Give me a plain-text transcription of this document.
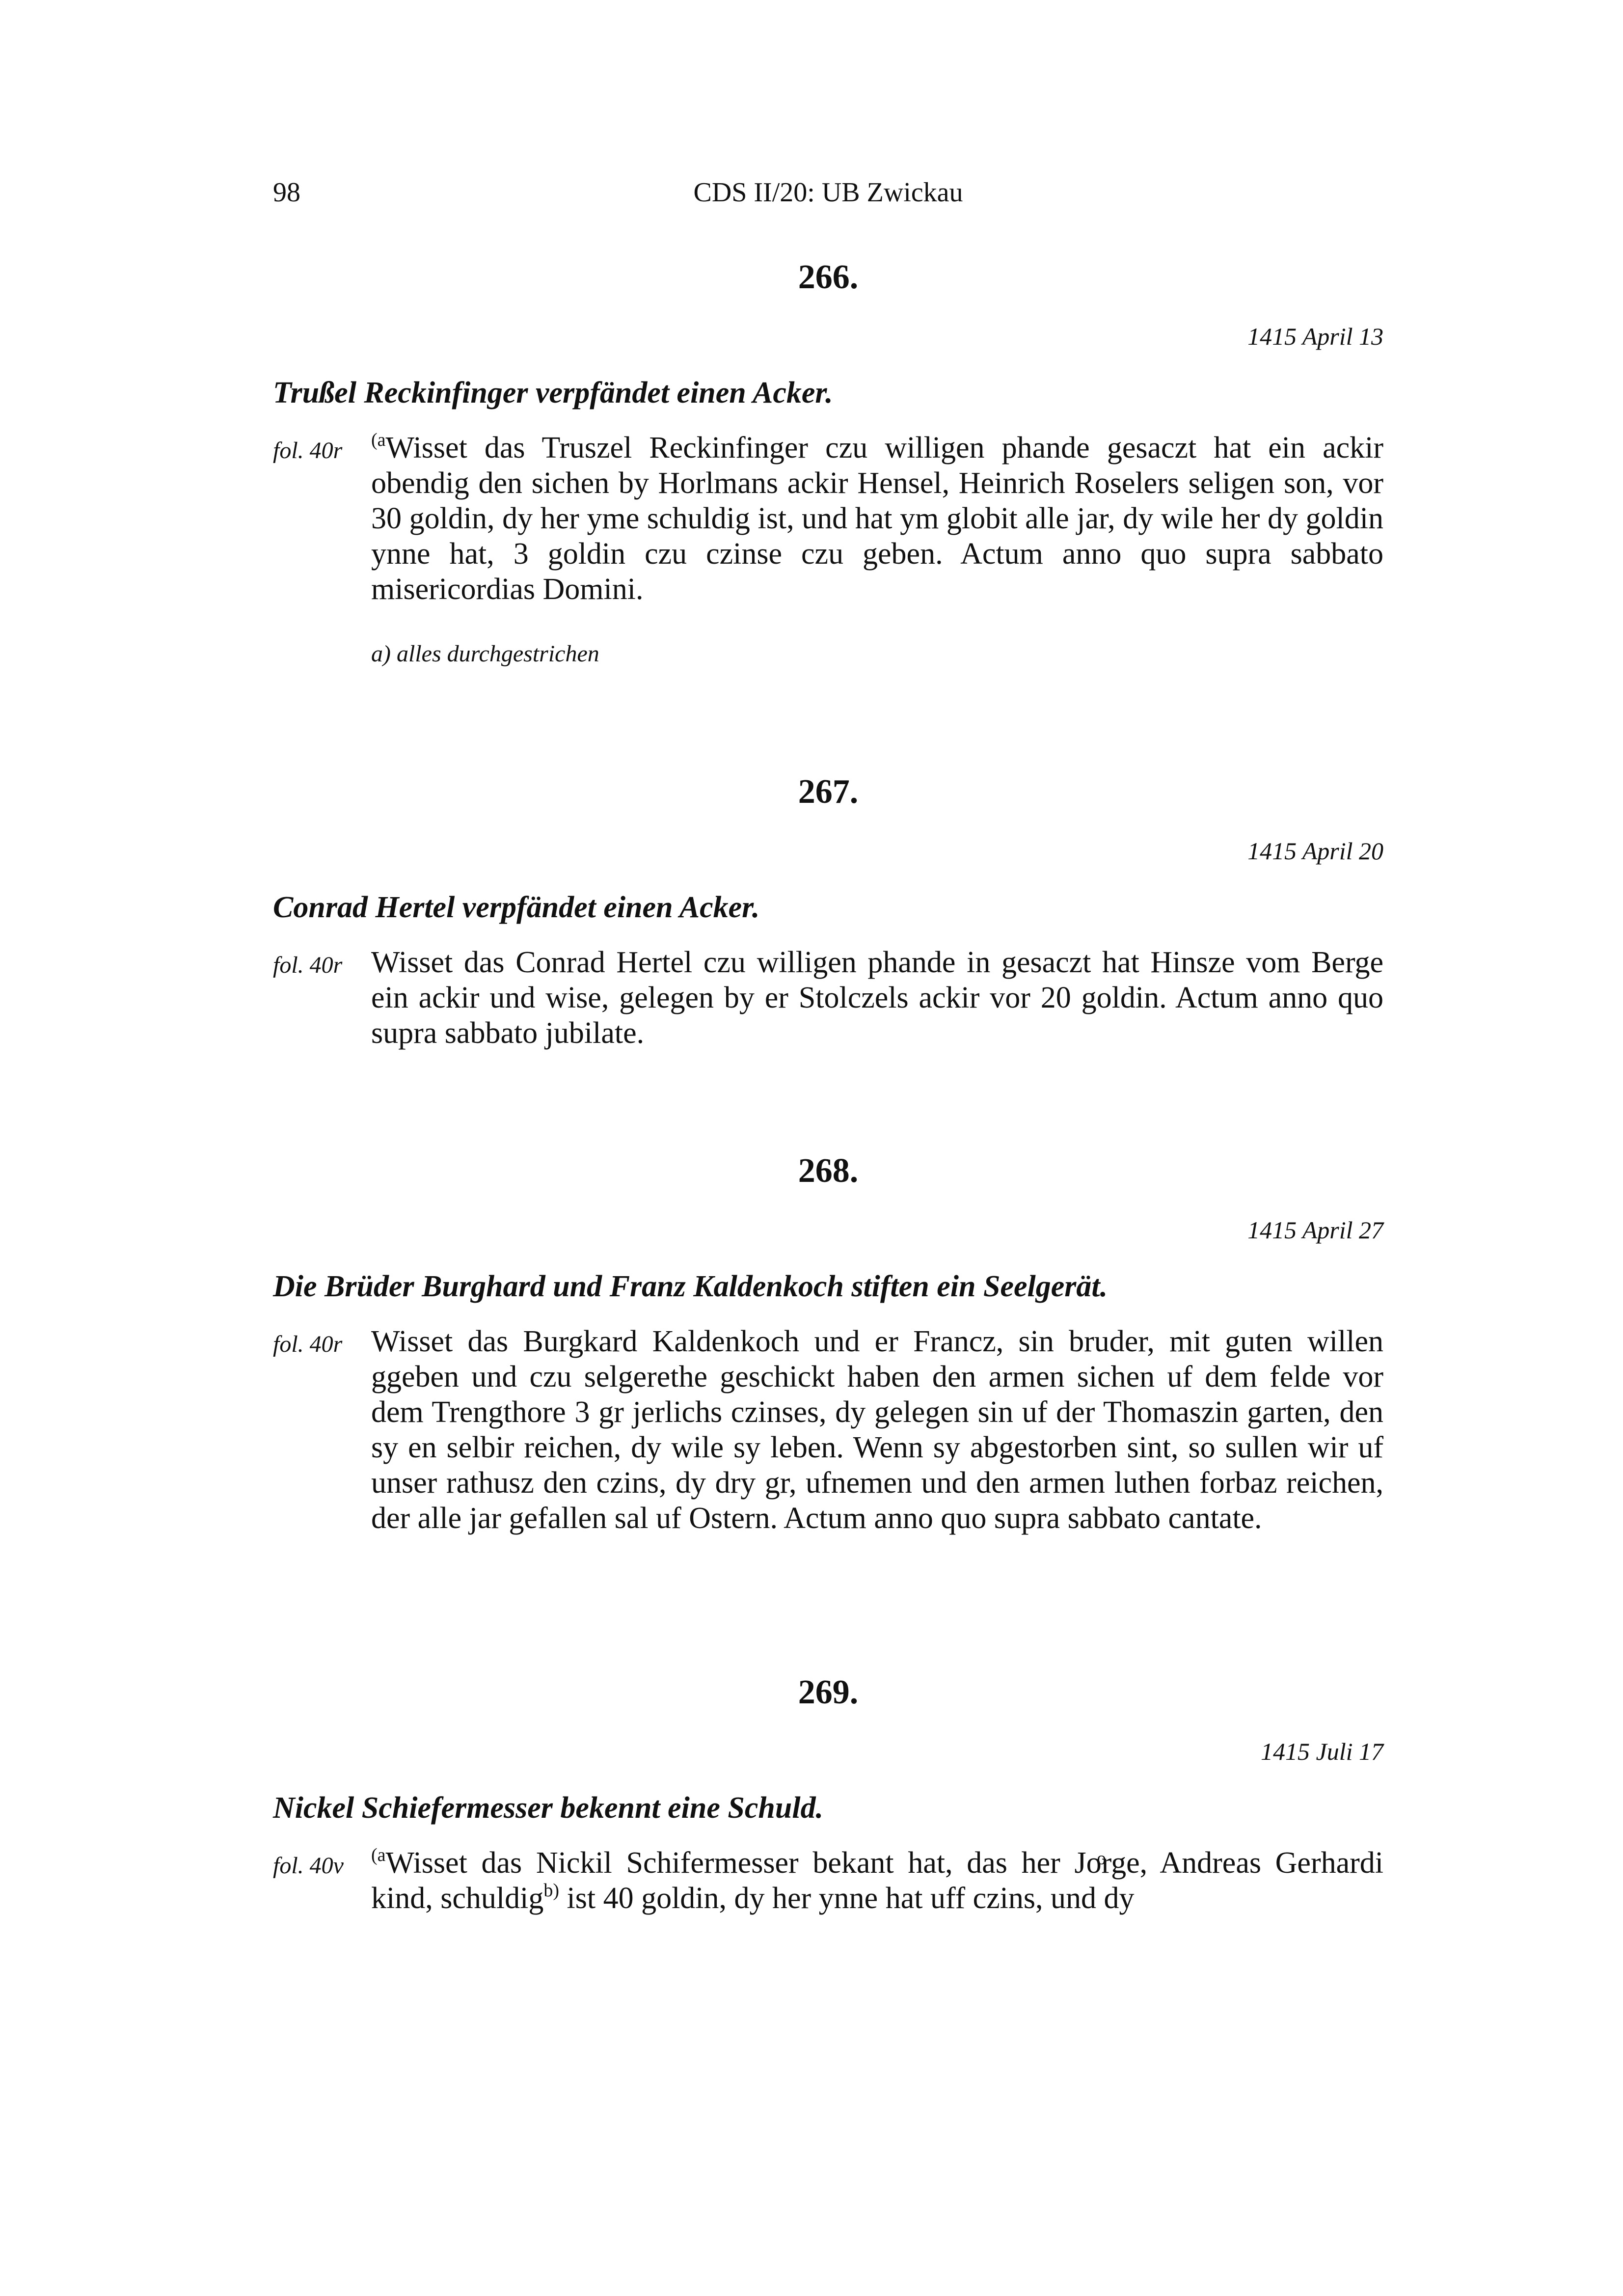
98	CDS II/20: UB Zwickau
266.
1415 April 13
Trußel Reckinfinger verpfändet einen Acker.
fol. 40r $^{(a}$Wisset das Truszel Reckinfinger czu willigen phande gesaczt hat ein ackir obendig den sichen by Horlmans ackir Hensel, Heinrich Roselers seligen son, vor 30 goldin, dy her yme schuldig ist, und hat ym globit alle jar, dy wile her dy goldin ynne hat, 3 goldin czu czinse czu geben. Actum anno quo supra sabbato misericordias Domini.

a) alles durchgestrichen
267.
1415 April 20
Conrad Hertel verpfändet einen Acker.
fol. 40r Wisset das Conrad Hertel czu willigen phande in gesaczt hat Hinsze vom Berge ein ackir und wise, gelegen by er Stolczels ackir vor 20 goldin. Actum anno quo supra sabbato jubilate.

268.
1415 April 27
Die Brüder Burghard und Franz Kaldenkoch stiften ein Seelgerät.
fol. 40r Wisset das Burgkard Kaldenkoch und er Francz, sin bruder, mit guten willen ggeben und czu selgerethe geschickt haben den armen sichen uf dem felde vor dem Trengthore 3 gr jerlichs czinses, dy gelegen sin uf der Thomaszin garten, den sy en selbir reichen, dy wile sy leben. Wenn sy abgestorben sint, so sullen wir uf unser rathusz den czins, dy dry gr, ufnemen und den armen luthen forbaz reichen, der alle jar gefallen sal uf Ostern. Actum anno quo supra sabbato cantate.

269.
1415 Juli 17
Nickel Schiefermesser bekennt eine Schuld.
fol. 40v $^{(a}$Wisset das Nickil Schifermesser bekant hat, das her Joͦrge, Andreas Gerhardi kind, schuldig$^{b)}$ ist 40 goldin, dy her ynne hat uff czins, und dy
